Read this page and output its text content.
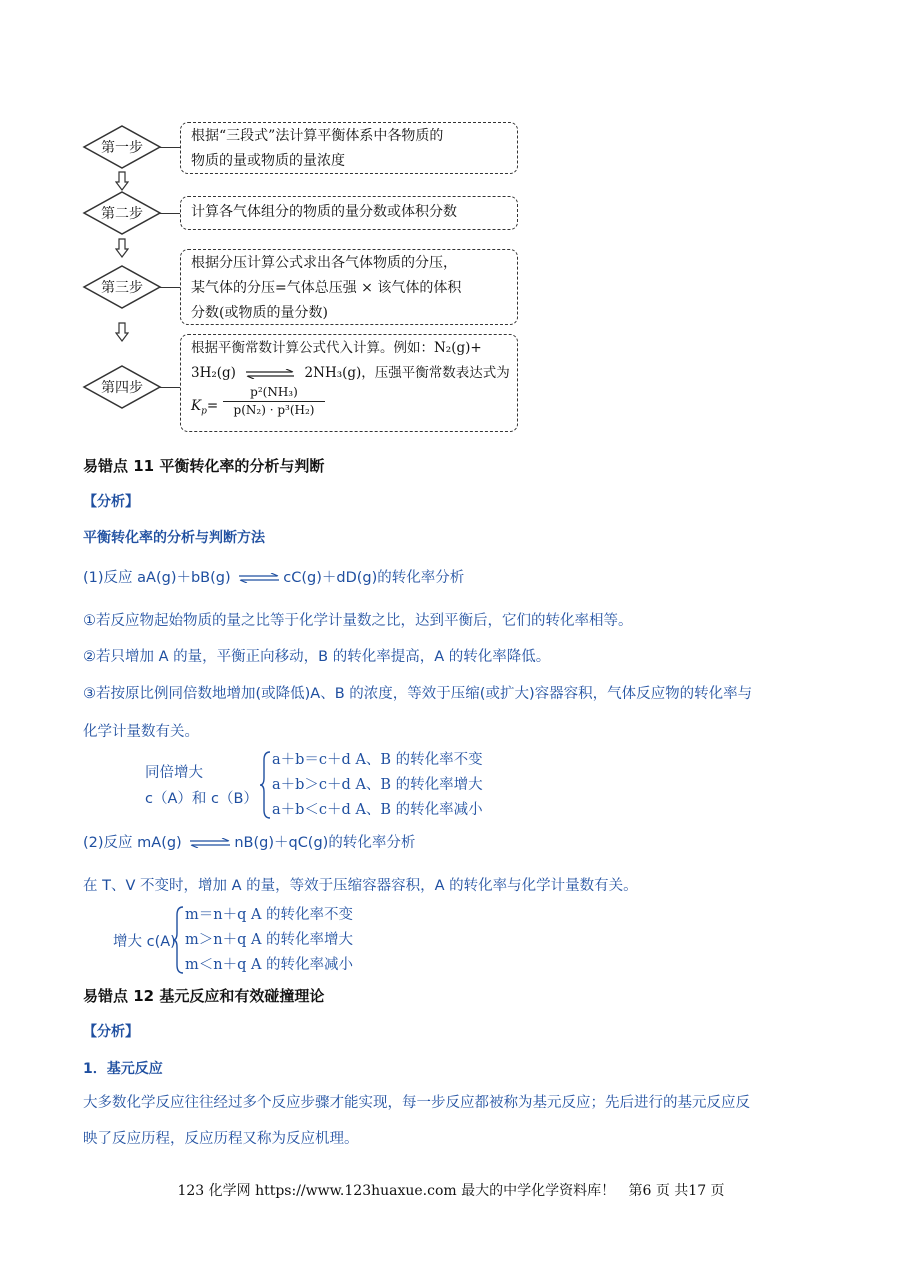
第一步
根据“三段式”法计算平衡体系中各物质的
物质的量或物质的量浓度
第二步	计算各气体组分的物质的量分数或体积分数
第三步
根据分压计算公式求出各气体物质的分压，
某气体的分压=气体总压强 × 该气体的体积
分数(或物质的量分数)
第四步
根据平衡常数计算公式代入计算。例如：N₂(g)+
3H₂(g) ⇌ 2NH₃(g)，压强平衡常数表达式为
$K_p= \frac{\text{p²(NH₃)}}{\text{p(N₂) · p³(H₂)}}$
易错点 11 平衡转化率的分析与判断
【分析】
平衡转化率的分析与判断方法
(1)反应 aA(g)＋bB(g) ⇌ cC(g)＋dD(g)的转化率分析
①若反应物起始物质的量之比等于化学计量数之比，达到平衡后，它们的转化率相等。
②若只增加 A 的量，平衡正向移动，B 的转化率提高，A 的转化率降低。
③若按原比例同倍数地增加(或降低)A、B 的浓度，等效于压缩(或扩大)容器容积，气体反应物的转化率与
化学计量数有关。
同倍增大
c（A）和 c（B）
a＋b＝c＋d A、B 的转化率不变
a＋b＞c＋d A、B 的转化率增大
a＋b＜c＋d A、B 的转化率减小
(2)反应 mA(g) ⇌ nB(g)＋qC(g)的转化率分析
在 T、V 不变时，增加 A 的量，等效于压缩容器容积，A 的转化率与化学计量数有关。
增大 c(A)
m＝n＋q A 的转化率不变
m＞n＋q A 的转化率增大
m＜n＋q A 的转化率减小
易错点 12 基元反应和有效碰撞理论
【分析】
1．基元反应
大多数化学反应往往经过多个反应步骤才能实现，每一步反应都被称为基元反应；先后进行的基元反应反
映了反应历程，反应历程又称为反应机理。
123 化学网 https://www.123huaxue.com 最大的中学化学资料库！   第6 页 共17 页
